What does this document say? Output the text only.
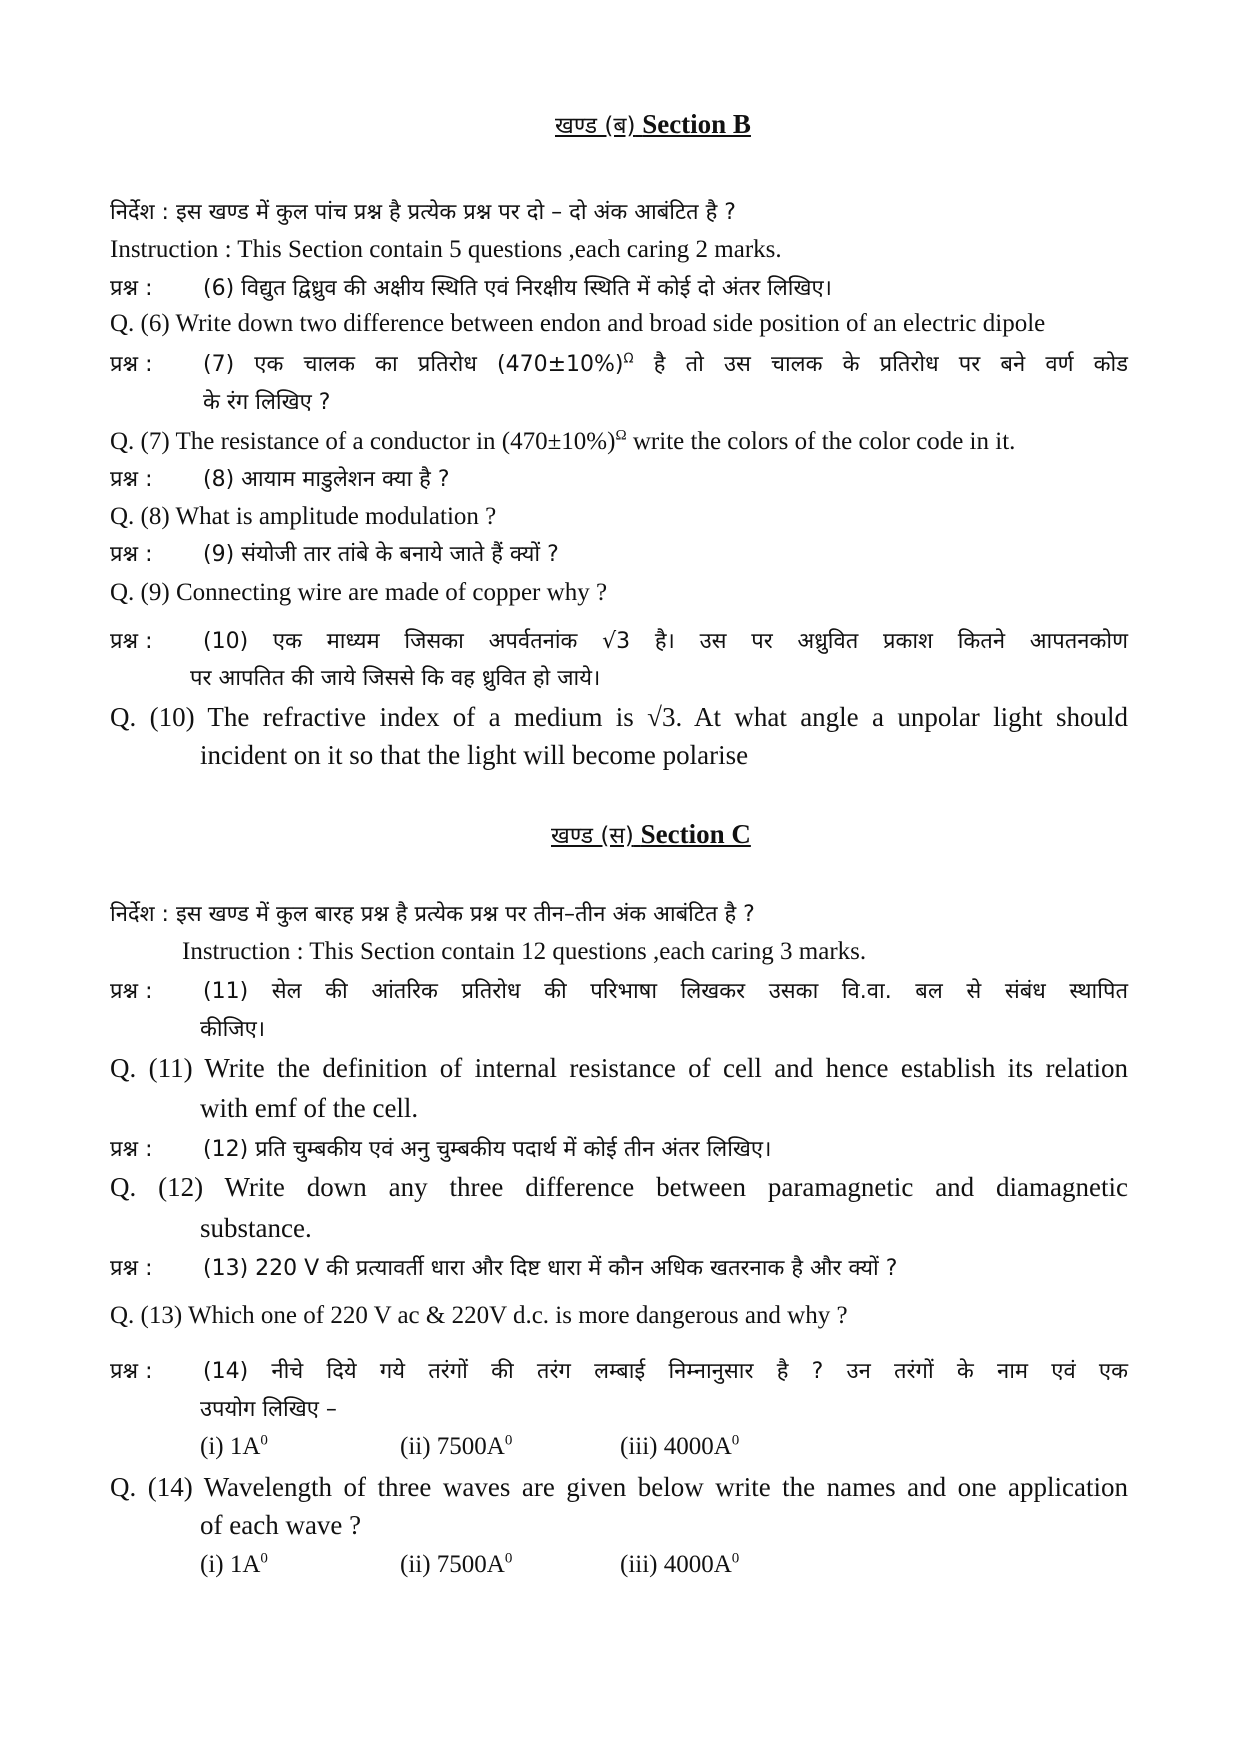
खण्ड (ब) Section B
निर्देश : इस खण्ड में कुल पांच प्रश्न है प्रत्येक प्रश्न पर दो – दो अंक आबंटित है ?
Instruction : This Section contain 5 questions ,each caring 2 marks.
प्रश्न : (6) विद्युत द्विध्रुव की अक्षीय स्थिति एवं निरक्षीय स्थिति में कोई दो अंतर लिखिए।
Q. (6) Write down two difference between endon and broad side position of an electric dipole
प्रश्न : (7) एक चालक का प्रतिरोध $(470\pm 10\%)^\Omega$ है तो उस चालक के प्रतिरोध पर बने वर्ण कोड
के रंग लिखिए ?
Q. (7) The resistance of a conductor in $(470\pm 10\%)^\Omega$ write the colors of the color code in it.
प्रश्न : (8) आयाम माडुलेशन क्या है ?
Q. (8) What is amplitude modulation ?
प्रश्न : (9) संयोजी तार तांबे के बनाये जाते हैं क्यों ?
Q. (9) Connecting wire are made of copper why ?
प्रश्न : (10) एक माध्यम जिसका अपर्वतनांक √3 है। उस पर अध्रुवित प्रकाश कितने आपतनकोण
पर आपतित की जाये जिससे कि वह ध्रुवित हो जाये।
Q. (10) The refractive index of a medium is √3. At what angle a unpolar light should
incident on it so that the light will become polarise
खण्ड (स) Section C
निर्देश : इस खण्ड में कुल बारह प्रश्न है प्रत्येक प्रश्न पर तीन–तीन अंक आबंटित है ?
Instruction : This Section contain 12 questions ,each caring 3 marks.
प्रश्न : (11) सेल की आंतरिक प्रतिरोध की परिभाषा लिखकर उसका वि.वा. बल से संबंध स्थापित
कीजिए।
Q. (11) Write the definition of internal resistance of cell and hence establish its relation
with emf of the cell.
प्रश्न : (12) प्रति चुम्बकीय एवं अनु चुम्बकीय पदार्थ में कोई तीन अंतर लिखिए।
Q. (12) Write down any three difference between paramagnetic and diamagnetic
substance.
प्रश्न : (13) 220 V की प्रत्यावर्ती धारा और दिष्ट धारा में कौन अधिक खतरनाक है और क्यों ?
Q. (13) Which one of 220 V ac & 220V d.c. is more dangerous and why ?
प्रश्न : (14) नीचे दिये गये तरंगों की तरंग लम्बाई निम्नानुसार है ? उन तरंगों के नाम एवं एक
उपयोग लिखिए –
(i) $1A^0$	(ii) $7500A^0$	(iii) $4000A^0$
Q. (14) Wavelength of three waves are given below write the names and one application
of each wave ?
(i) $1A^0$	(ii) $7500A^0$	(iii) $4000A^0$
